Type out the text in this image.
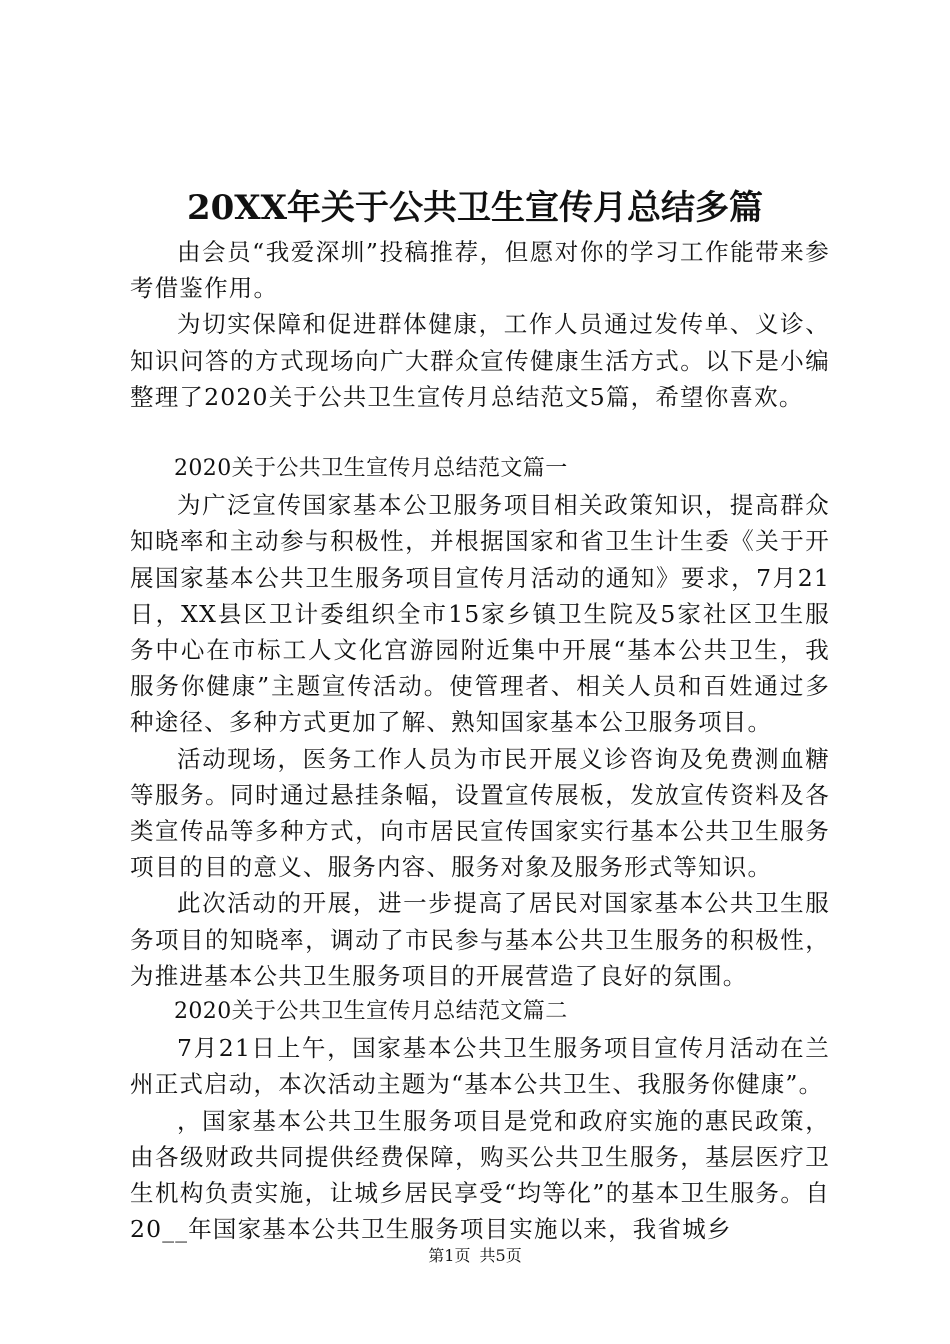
20XX年关于公共卫生宣传月总结多篇

由会员“我爱深圳”投稿推荐，但愿对你的学习工作能带来参考借鉴作用。

为切实保障和促进群体健康，工作人员通过发传单、义诊、知识问答的方式现场向广大群众宣传健康生活方式。以下是小编整理了2020关于公共卫生宣传月总结范文5篇，希望你喜欢。

2020关于公共卫生宣传月总结范文篇一

为广泛宣传国家基本公卫服务项目相关政策知识，提高群众知晓率和主动参与积极性，并根据国家和省卫生计生委《关于开展国家基本公共卫生服务项目宣传月活动的通知》要求，7月21日，XX县区卫计委组织全市15家乡镇卫生院及5家社区卫生服务中心在市标工人文化宫游园附近集中开展“基本公共卫生，我服务你健康”主题宣传活动。使管理者、相关人员和百姓通过多种途径、多种方式更加了解、熟知国家基本公卫服务项目。

活动现场，医务工作人员为市民开展义诊咨询及免费测血糖等服务。同时通过悬挂条幅，设置宣传展板，发放宣传资料及各类宣传品等多种方式，向市居民宣传国家实行基本公共卫生服务项目的目的意义、服务内容、服务对象及服务形式等知识。

此次活动的开展，进一步提高了居民对国家基本公共卫生服务项目的知晓率，调动了市民参与基本公共卫生服务的积极性，为推进基本公共卫生服务项目的开展营造了良好的氛围。

2020关于公共卫生宣传月总结范文篇二

7月21日上午，国家基本公共卫生服务项目宣传月活动在兰州正式启动，本次活动主题为“基本公共卫生、我服务你健康”。

，国家基本公共卫生服务项目是党和政府实施的惠民政策，由各级财政共同提供经费保障，购买公共卫生服务，基层医疗卫生机构负责实施，让城乡居民享受“均等化”的基本卫生服务。自20__年国家基本公共卫生服务项目实施以来，我省城乡

第1页 共5页
